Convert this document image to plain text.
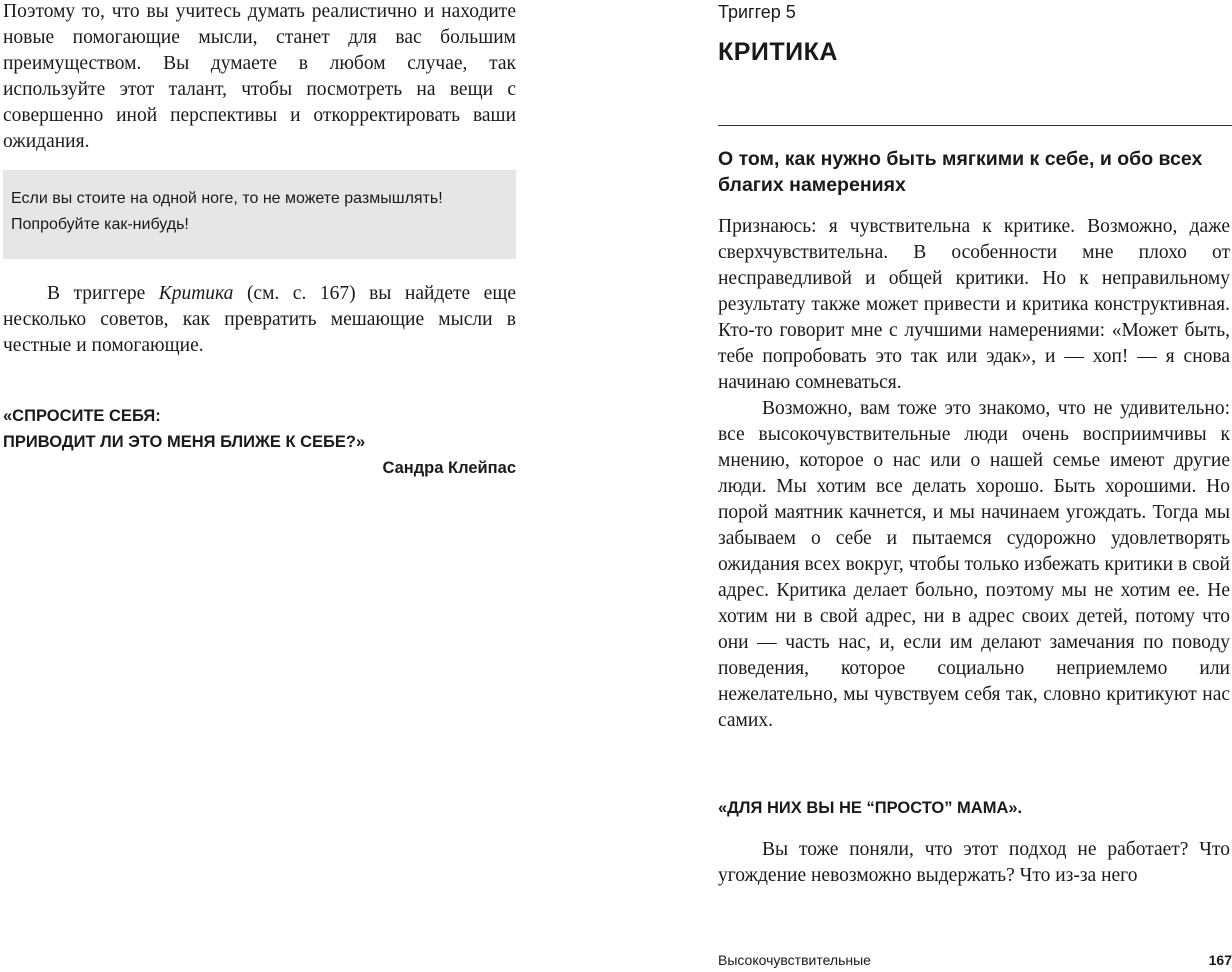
Поэтому то, что вы учитесь думать реалистично и находите новые помогающие мысли, станет для вас большим преимуществом. Вы думаете в любом случае, так используйте этот талант, чтобы посмотреть на вещи с совершенно иной перспективы и откорректировать ваши ожидания.

Если вы стоите на одной ноге, то не можете размышлять! Попробуйте как-нибудь!

В триггере Критика (см. с. 167) вы найдете еще несколько советов, как превратить мешающие мысли в честные и помогающие.

«СПРОСИТЕ СЕБЯ:
ПРИВОДИТ ЛИ ЭТО МЕНЯ БЛИЖЕ К СЕБЕ?»
Сандра Клейпас
Триггер 5
КРИТИКА
О том, как нужно быть мягкими к себе, и обо всех благих намерениях

Признаюсь: я чувствительна к критике. Возможно, даже сверхчувствительна. В особенности мне плохо от несправедливой и общей критики. Но к неправильному результату также может привести и критика конструктивная. Кто-то говорит мне с лучшими намерениями: «Может быть, тебе попробовать это так или эдак», и — хоп! — я снова начинаю сомневаться.

Возможно, вам тоже это знакомо, что не удивительно: все высокочувствительные люди очень восприимчивы к мнению, которое о нас или о нашей семье имеют другие люди. Мы хотим все делать хорошо. Быть хорошими. Но порой маятник качнется, и мы начинаем угождать. Тогда мы забываем о себе и пытаемся судорожно удовлетворять ожидания всех вокруг, чтобы только избежать критики в свой адрес. Критика делает больно, поэтому мы не хотим ее. Не хотим ни в свой адрес, ни в адрес своих детей, потому что они — часть нас, и, если им делают замечания по поводу поведения, которое социально неприемлемо или нежелательно, мы чувствуем себя так, словно критикуют нас самих.

«ДЛЯ НИХ ВЫ НЕ “ПРОСТО” МАМА».

Вы тоже поняли, что этот подход не работает? Что угождение невозможно выдержать? Что из-за него

Высокочувствительные	167
